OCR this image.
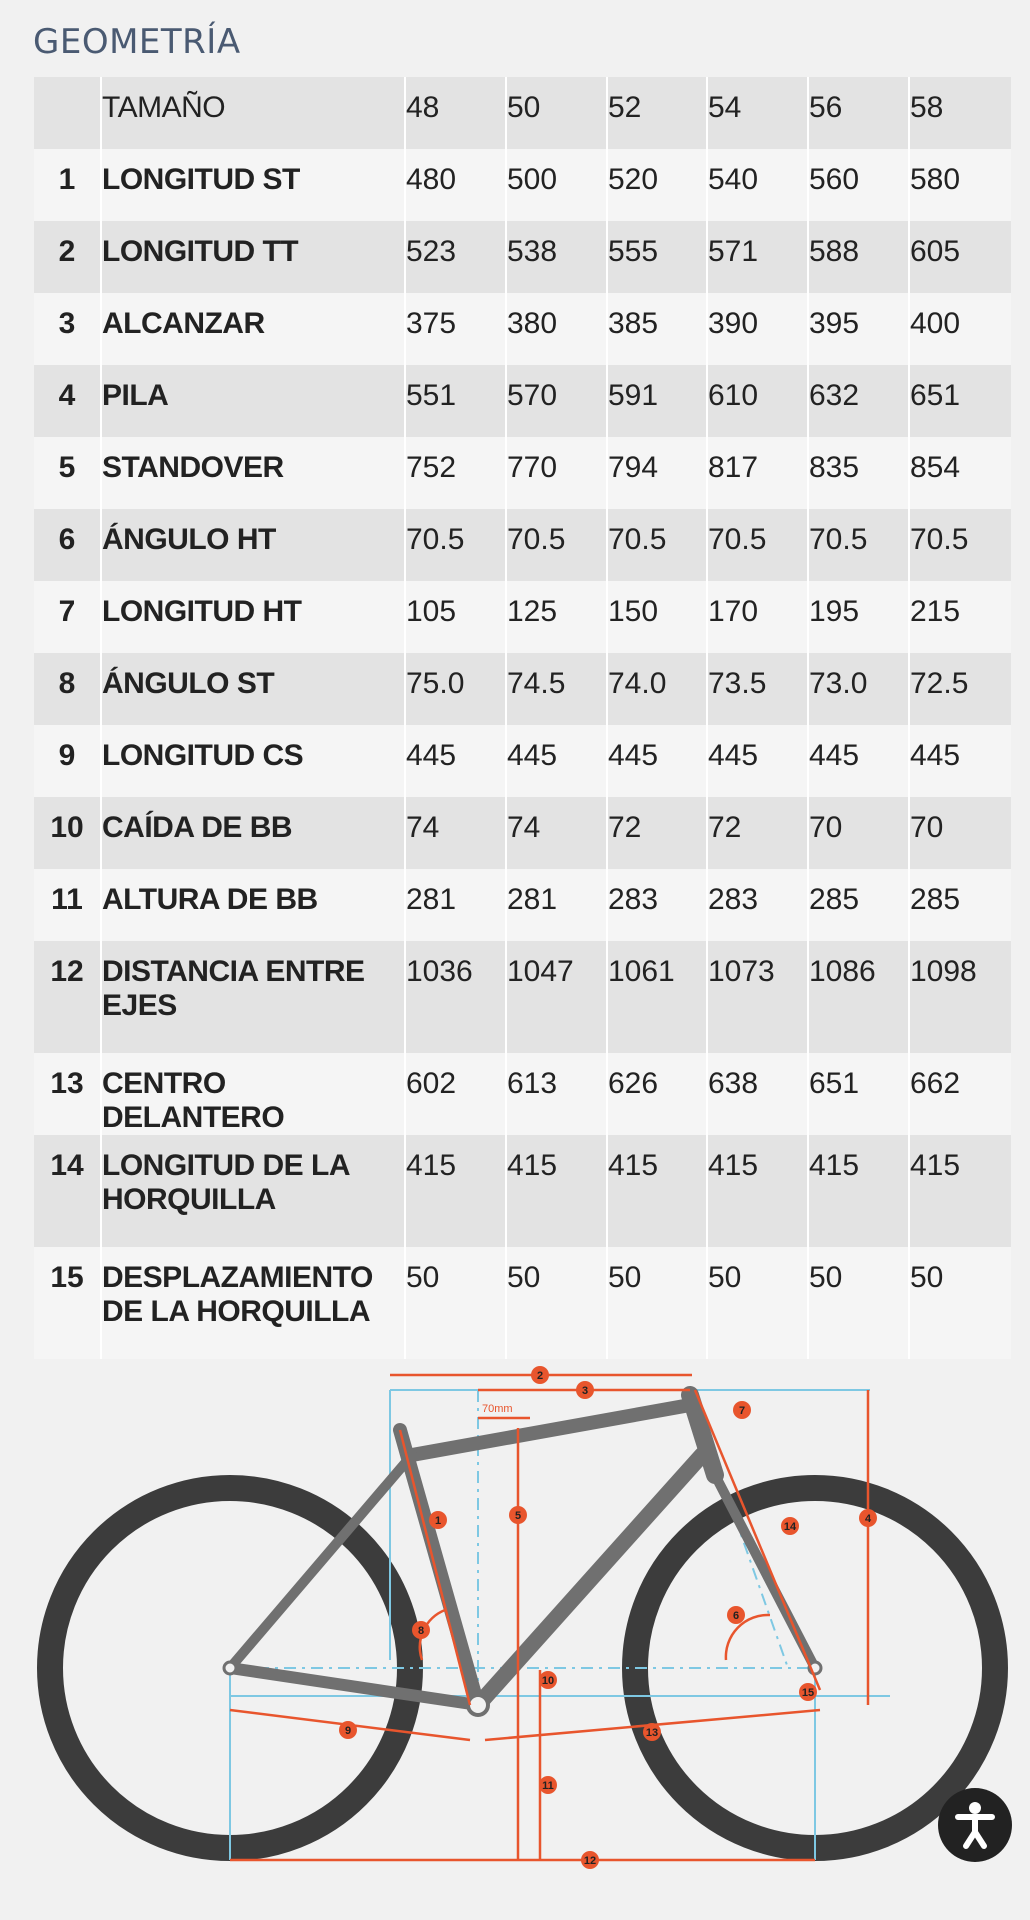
GEOMETRÍA
	TAMAÑO	48	50	52	54	56	58
1	LONGITUD ST	480	500	520	540	560	580
2	LONGITUD TT	523	538	555	571	588	605
3	ALCANZAR	375	380	385	390	395	400
4	PILA	551	570	591	610	632	651
5	STANDOVER	752	770	794	817	835	854
6	ÁNGULO HT	70.5	70.5	70.5	70.5	70.5	70.5
7	LONGITUD HT	105	125	150	170	195	215
8	ÁNGULO ST	75.0	74.5	74.0	73.5	73.0	72.5
9	LONGITUD CS	445	445	445	445	445	445
10	CAÍDA DE BB	74	74	72	72	70	70
11	ALTURA DE BB	281	281	283	283	285	285
12	DISTANCIA ENTRE EJES	1036	1047	1061	1073	1086	1098
13	CENTRO DELANTERO	602	613	626	638	651	662
14	LONGITUD DE LA HORQUILLA	415	415	415	415	415	415
15	DESPLAZAMIENTO DE LA HORQUILLA	50	50	50	50	50	50
70mm
1
2
3
4
5
6
7
8
9
10
11
12
13
14
15
